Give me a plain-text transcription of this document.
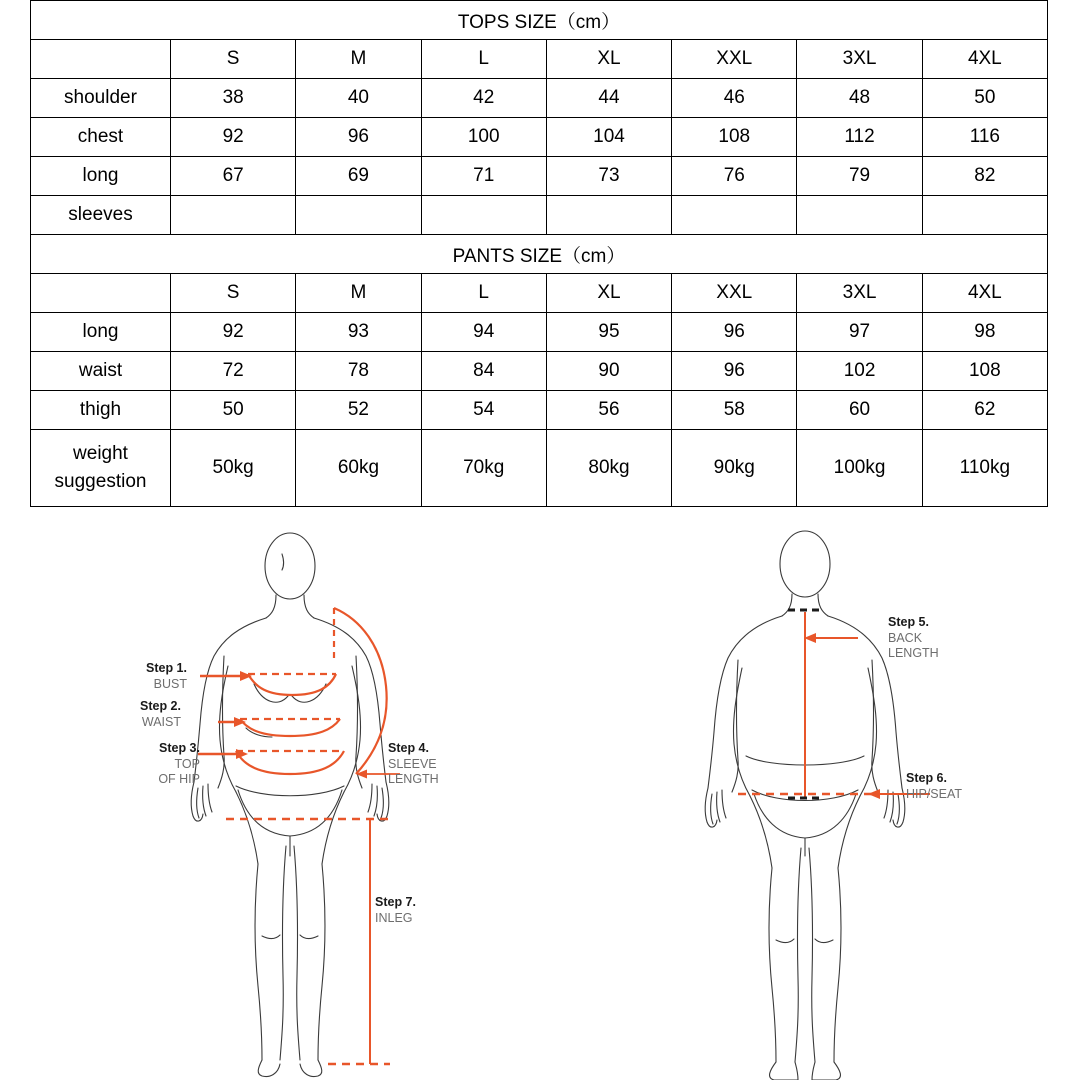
TOPS SIZE（cm）							
	S	M	L	XL	XXL	3XL	4XL
shoulder	38	40	42	44	46	48	50
chest	92	96	100	104	108	112	116
long	67	69	71	73	76	79	82
sleeves							
PANTS SIZE（cm）							
	S	M	L	XL	XXL	3XL	4XL
long	92	93	94	95	96	97	98
waist	72	78	84	90	96	102	108
thigh	50	52	54	56	58	60	62
weight
suggestion	50kg	60kg	70kg	80kg	90kg	100kg	110kg
Step 1.
BUST
Step 2.
WAIST
Step 3.
TOP
OF HIP
Step 4.
SLEEVE
LENGTH
Step 7.
INLEG
Step 5.
BACK
LENGTH
Step 6.
HIP/SEAT
